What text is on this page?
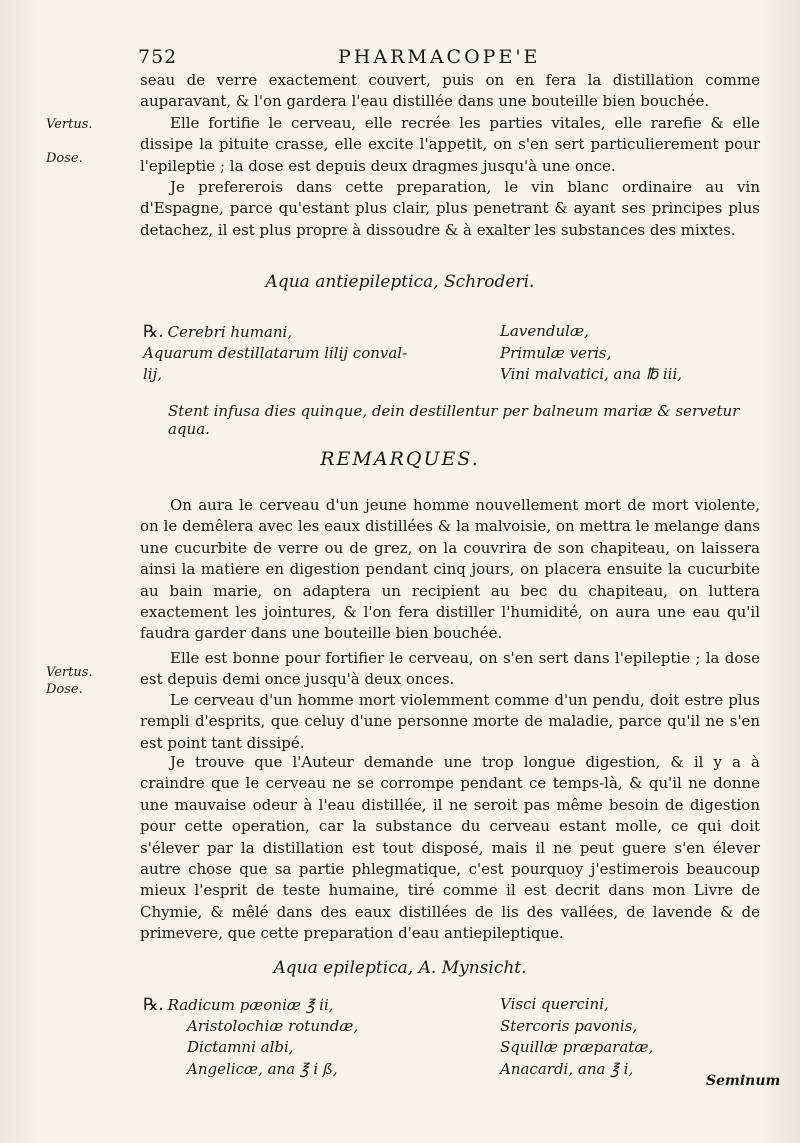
752	PHARMACOPE'E

seau de verre exactement couvert, puis on en fera la distillation comme auparavant, & l'on gardera l'eau distillée dans une bouteille bien bouchée.

Elle fortifie le cerveau, elle recrée les parties vitales, elle rarefie & elle dissipe la pituite crasse, elle excite l'appetit, on s'en sert particulierement pour l'epileptie ; la dose est depuis deux dragmes jusqu'à une once.

Je prefererois dans cette preparation, le vin blanc ordinaire au vin d'Espagne, parce qu'estant plus clair, plus penetrant & ayant ses principes plus detachez, il est plus propre à dissoudre & à exalter les substances des mixtes.

Vertus.
Dose.
Aqua antiepileptica, Schroderi.
℞. Cerebri humani,	Lavendulæ,
Aquarum destillatarum lilij conval-	Primulæ veris,
lij,	Vini malvatici, ana ℔ iii,
Stent infusa dies quinque, dein destillentur per balneum mariæ & servetur aqua.
REMARQUES.

On aura le cerveau d'un jeune homme nouvellement mort de mort violente, on le demêlera avec les eaux distillées & la malvoisie, on mettra le melange dans une cucurbite de verre ou de grez, on la couvrira de son chapiteau, on laissera ainsi la matiere en digestion pendant cinq jours, on placera ensuite la cucurbite au bain marie, on adaptera un recipient au bec du chapiteau, on luttera exactement les jointures, & l'on fera distiller l'humidité, on aura une eau qu'il faudra garder dans une bouteille bien bouchée.

Elle est bonne pour fortifier le cerveau, on s'en sert dans l'epileptie ; la dose est depuis demi once jusqu'à deux onces.

Le cerveau d'un homme mort violemment comme d'un pendu, doit estre plus rempli d'esprits, que celuy d'une personne morte de maladie, parce qu'il ne s'en est point tant dissipé.

Je trouve que l'Auteur demande une trop longue digestion, & il y a à craindre que le cerveau ne se corrompe pendant ce temps-là, & qu'il ne donne une mauvaise odeur à l'eau distillée, il ne seroit pas même besoin de digestion pour cette operation, car la substance du cerveau estant molle, ce qui doit s'élever par la distillation est tout disposé, mais il ne peut guere s'en élever autre chose que sa partie phlegmatique, c'est pourquoy j'estimerois beaucoup mieux l'esprit de teste humaine, tiré comme il est decrit dans mon Livre de Chymie, & mêlé dans des eaux distillées de lis des vallées, de lavende & de primevere, que cette preparation d'eau antiepileptique.

Vertus.
Dose.
Aqua epileptica, A. Mynsicht.
℞. Radicum pæoniæ ℥ ii,	Visci quercini,
Aristolochiæ rotundæ,	Stercoris pavonis,
Dictamni albi,	Squillæ præparatæ,
Angelicæ, ana ℥ i ß,	Anacardi, ana ℥ i,
Seminum
